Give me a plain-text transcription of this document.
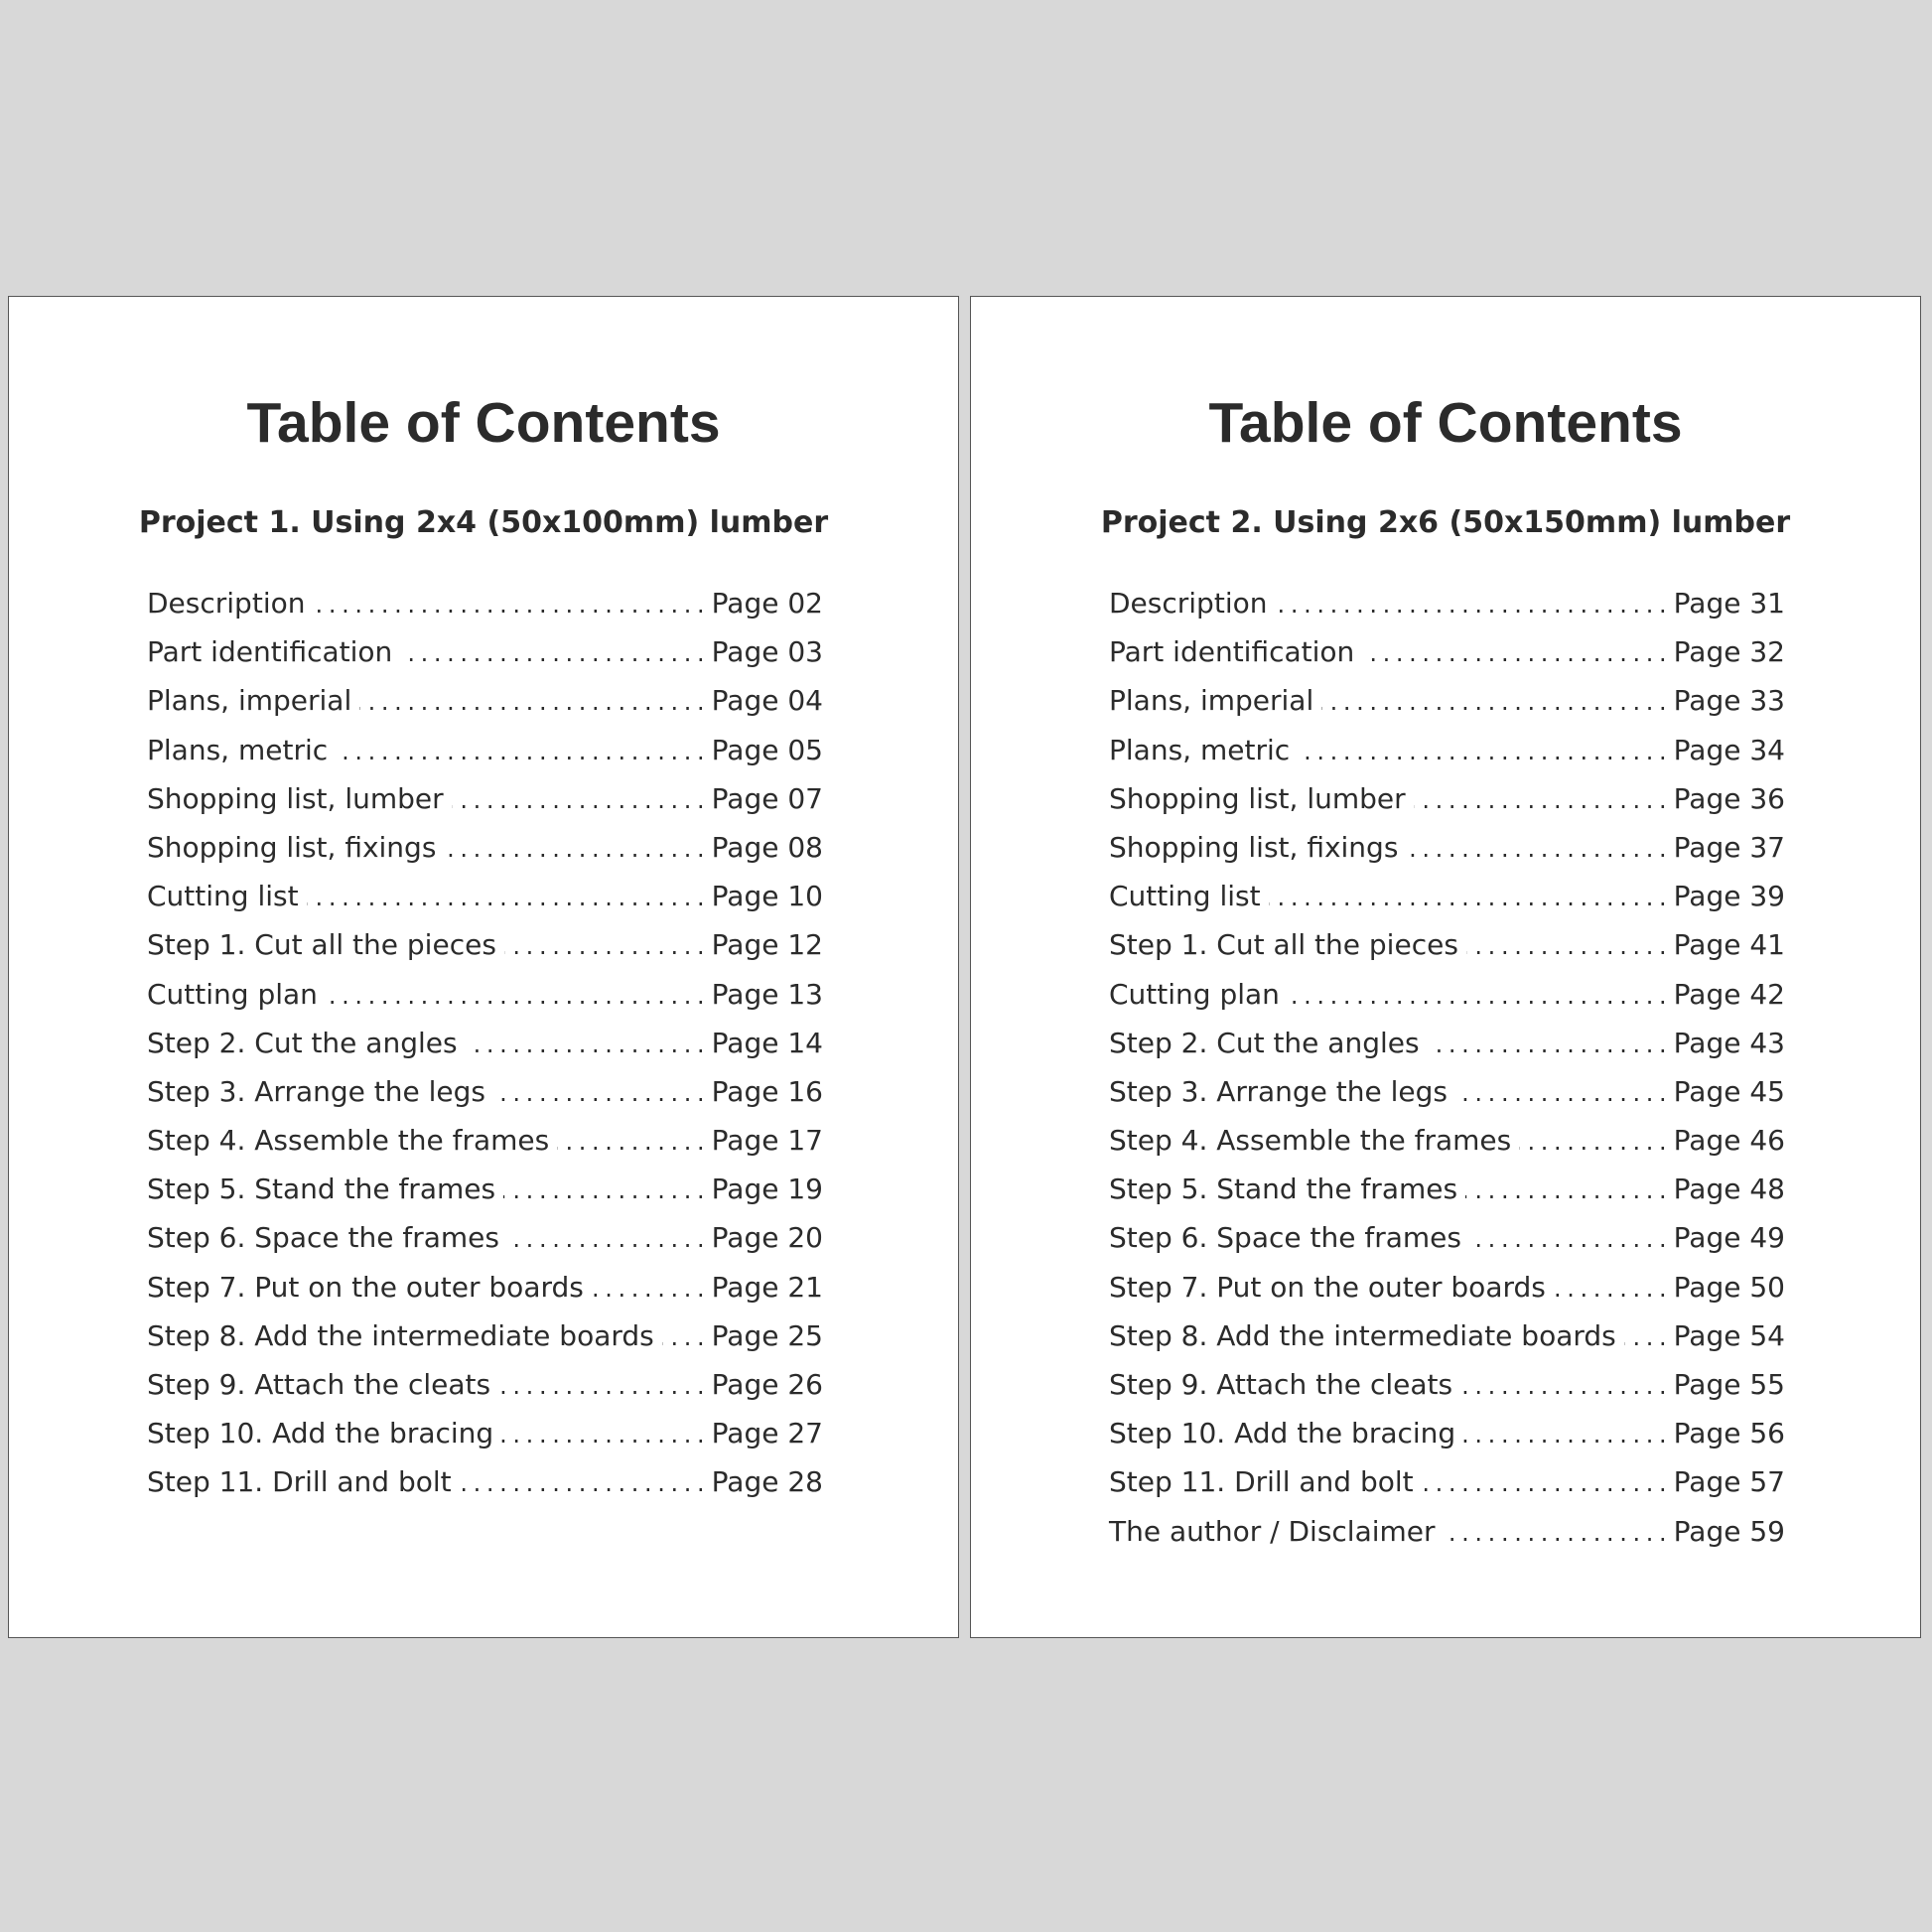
Table of Contents
Project 1. Using 2x4 (50x100mm) lumber
Description . . .	Page 02
Part identification . . .	Page 03
Plans, imperial . . .	Page 04
Plans, metric . . .	Page 05
Shopping list, lumber . . .	Page 07
Shopping list, fixings . . .	Page 08
Cutting list . . .	Page 10
Step 1. Cut all the pieces . . .	Page 12
Cutting plan . . .	Page 13
Step 2. Cut the angles . . .	Page 14
Step 3. Arrange the legs . . .	Page 16
Step 4. Assemble the frames . . .	Page 17
Step 5. Stand the frames . . .	Page 19
Step 6. Space the frames . . .	Page 20
Step 7. Put on the outer boards . . .	Page 21
Step 8. Add the intermediate boards . . . Page 25
Step 9. Attach the cleats . . .	Page 26
Step 10. Add the bracing . . .	Page 27
Step 11. Drill and bolt . . .	Page 28
Table of Contents
Project 2. Using 2x6 (50x150mm) lumber
Description . . .	Page 31
Part identification . . .	Page 32
Plans, imperial . . .	Page 33
Plans, metric . . .	Page 34
Shopping list, lumber . . .	Page 36
Shopping list, fixings . . .	Page 37
Cutting list . . .	Page 39
Step 1. Cut all the pieces . . .	Page 41
Cutting plan . . .	Page 42
Step 2. Cut the angles . . .	Page 43
Step 3. Arrange the legs . . .	Page 45
Step 4. Assemble the frames . . .	Page 46
Step 5. Stand the frames . . .	Page 48
Step 6. Space the frames . . .	Page 49
Step 7. Put on the outer boards . . .	Page 50
Step 8. Add the intermediate boards . . . Page 54
Step 9. Attach the cleats . . .	Page 55
Step 10. Add the bracing . . .	Page 56
Step 11. Drill and bolt . . .	Page 57
The author / Disclaimer . . .	Page 59
